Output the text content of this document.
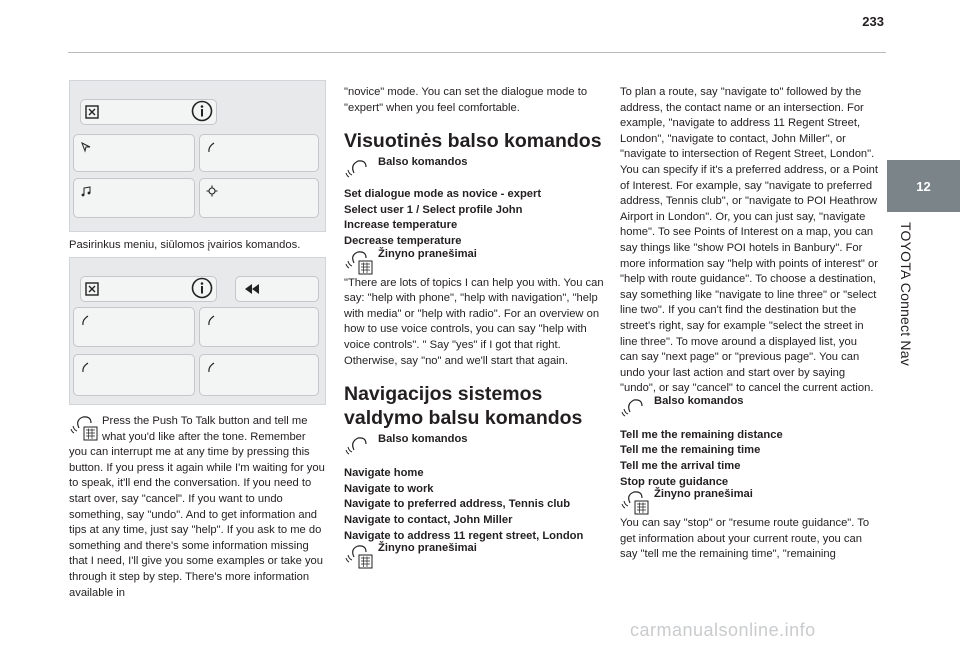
233
12
TOYOTA Connect Nav
Pasirinkus meniu, siūlomos įvairios komandos.

Press the Push To Talk button and tell me what you'd like after the tone. Remember you can interrupt me at any time by pressing this button. If you press it again while I'm waiting for you to speak, it'll end the conversation. If you need to start over, say "cancel". If you want to undo something, say "undo". And to get information and tips at any time, just say "help". If you ask to me do something and there's some information missing that I need, I'll give you some examples or take you through it step by step. There's more information available in

"novice" mode. You can set the dialogue mode to "expert" when you feel comfortable.

Visuotinės balso komandos
Balso komandos
Set dialogue mode as novice - expert
Select user 1 / Select profile John
Increase temperature
Decrease temperature
Žinyno pranešimai

"There are lots of topics I can help you with. You can say: "help with phone", "help with navigation", "help with media" or "help with radio". For an overview on how to use voice controls, you can say "help with voice controls". " Say "yes" if I got that right. Otherwise, say "no" and we'll start that again.

Navigacijos sistemos
valdymo balsu komandos
Balso komandos
Navigate home
Navigate to work
Navigate to preferred address, Tennis club
Navigate to contact, John Miller
Navigate to address 11 regent street, London
Žinyno pranešimai

To plan a route, say "navigate to" followed by the address, the contact name or an intersection. For example, "navigate to address 11 Regent Street, London", "navigate to contact, John Miller", or "navigate to intersection of Regent Street, London". You can specify if it's a preferred address, or a Point of Interest. For example, say "navigate to preferred address, Tennis club", or "navigate to POI Heathrow Airport in London". Or, you can just say, "navigate home". To see Points of Interest on a map, you can say things like "show POI hotels in Banbury". For more information say "help with points of interest" or "help with route guidance". To choose a destination, say something like "navigate to line three" or "select line two". If you can't find the destination but the street's right, say for example "select the street in line three". To move around a displayed list, you can say "next page" or "previous page". You can undo your last action and start over by saying "undo", or say "cancel" to cancel the current action.

Balso komandos
Tell me the remaining distance
Tell me the remaining time
Tell me the arrival time
Stop route guidance
Žinyno pranešimai

You can say "stop" or "resume route guidance". To get information about your current route, you can say "tell me the remaining time", "remaining

carmanualsonline.info
